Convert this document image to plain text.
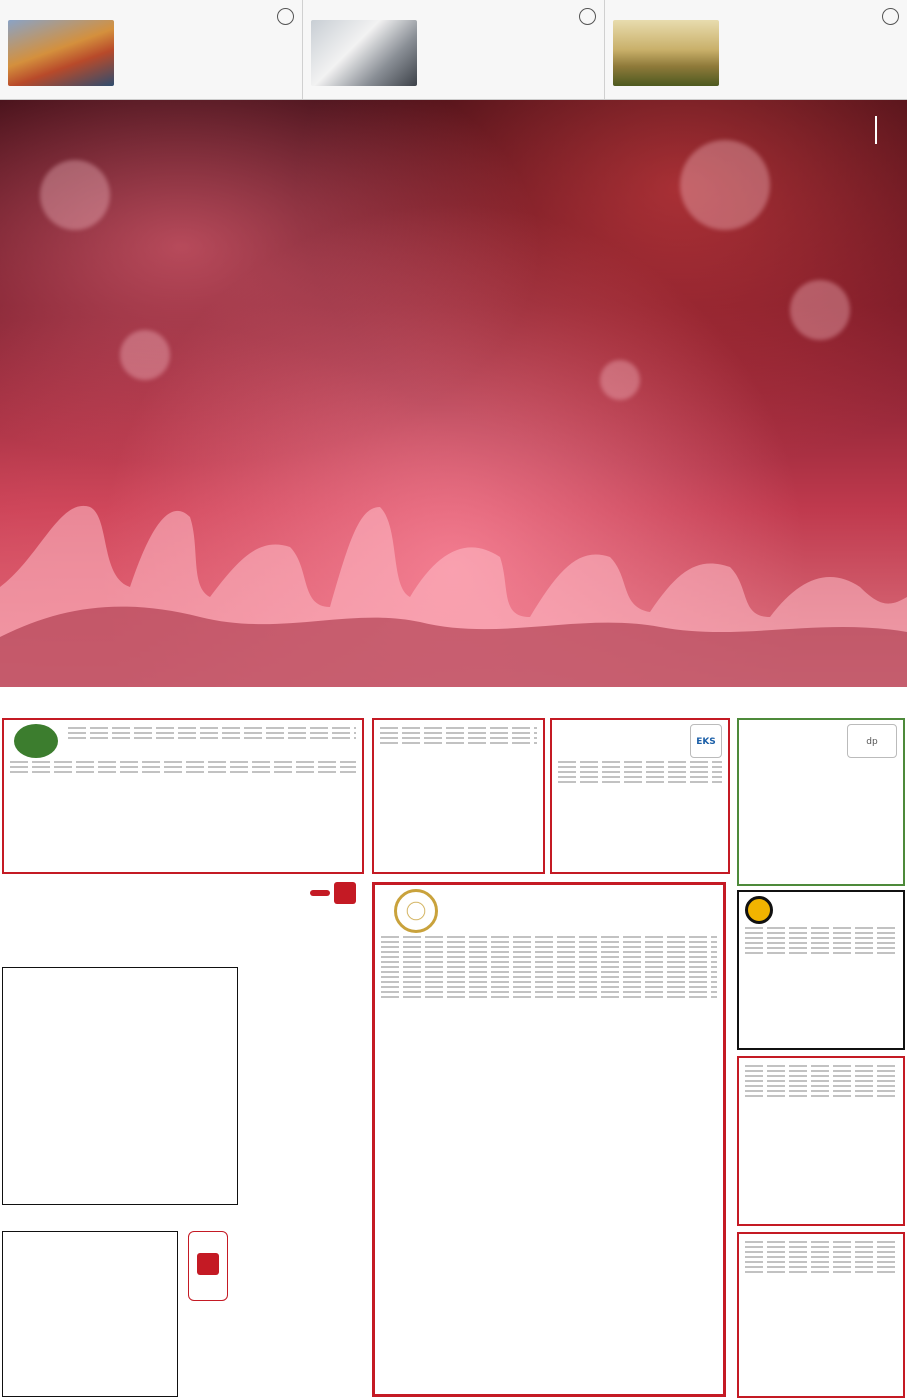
dp
EKS
